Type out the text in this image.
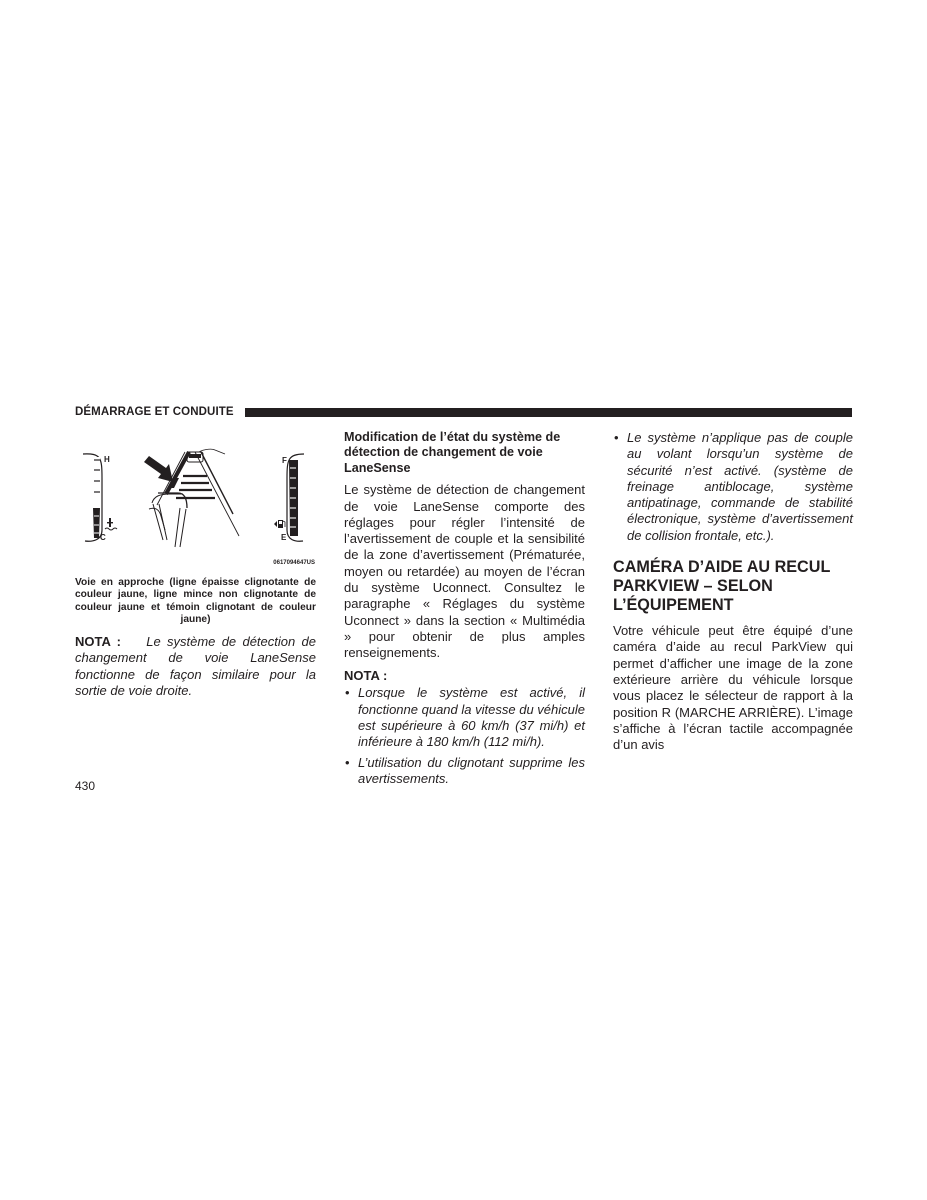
DÉMARRAGE ET CONDUITE
H
C
F
E
0617094647US
Voie en approche (ligne épaisse clignotante de couleur jaune, ligne mince non clignotante de couleur jaune et témoin clignotant de couleur jaune)
NOTA : Le système de détection de changement de voie LaneSense fonctionne de façon similaire pour la sortie de voie droite.
Modification de l’état du système de détection de changement de voie LaneSense

Le système de détection de changement de voie LaneSense comporte des réglages pour régler l’intensité de l’avertissement de couple et la sensibilité de la zone d’avertissement (Prématurée, moyen ou retardée) au moyen de l’écran du système Uconnect. Consultez le paragraphe « Réglages du système Uconnect » dans la section « Multimédia » pour obtenir de plus amples renseignements.

NOTA :
• Lorsque le système est activé, il fonctionne quand la vitesse du véhicule est supérieure à 60 km/h (37 mi/h) et inférieure à 180 km/h (112 mi/h).
• L’utilisation du clignotant supprime les avertissements.
• Le système n’applique pas de couple au volant lorsqu’un système de sécurité n’est activé. (système de freinage antiblocage, système antipatinage, commande de stabilité électronique, système d’avertissement de collision frontale, etc.).
CAMÉRA D’AIDE AU RECUL PARKVIEW – SELON L’ÉQUIPEMENT

Votre véhicule peut être équipé d’une caméra d’aide au recul ParkView qui permet d’afficher une image de la zone extérieure arrière du véhicule lorsque vous placez le sélecteur de rapport à la position R (MARCHE ARRIÈRE). L’image s’affiche à l’écran tactile accompagnée d’un avis

430
